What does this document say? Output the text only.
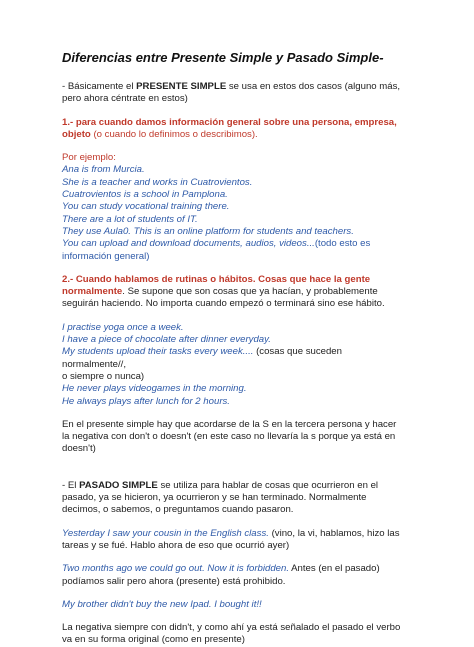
Diferencias entre Presente Simple y Pasado Simple-

- Básicamente el PRESENTE SIMPLE se usa en estos dos casos (alguno más,

pero ahora céntrate en estos)

1.- para cuando damos información general sobre una persona, empresa,

objeto (o cuando lo definimos o describimos).

Por ejemplo:

Ana is from Murcia.

She is a teacher and works in Cuatrovientos.

Cuatrovientos is a school in Pamplona.

You can study vocational training there.

There are a lot of students of IT.

They use Aula0. This is an online platform for students and teachers.

You can upload and download documents, audios, videos...(todo esto es

información general)

2.- Cuando hablamos de rutinas o hábitos. Cosas que hace la gente

normalmente. Se supone que son cosas que ya hacían, y probablemente

seguirán haciendo. No importa cuando empezó o terminará sino ese hábito.

I practise yoga once a week.

I have a piece of chocolate after dinner everyday.

My students upload their tasks every week.... (cosas que suceden

normalmente//,

o siempre o nunca)

He never plays videogames in the morning.

He always plays after lunch for 2 hours.

En el presente simple hay que acordarse de la S en la tercera persona y hacer

la negativa con don't o doesn't (en este caso no llevaría la s porque ya está en

doesn't)

- El PASADO SIMPLE se utiliza para hablar de cosas que ocurrieron en el

pasado, ya se hicieron, ya ocurrieron y se han terminado. Normalmente

decimos, o sabemos, o preguntamos cuando pasaron.

Yesterday I saw your cousin in the English class. (vino, la vi, hablamos, hizo las

tareas y se fué. Hablo ahora de eso que ocurrió ayer)

Two months ago we could go out. Now it is forbidden. Antes (en el pasado)

podíamos salir pero ahora (presente) está prohibido.

My brother didn't buy the new Ipad. I bought it!!

La negativa siempre con didn't, y como ahí ya está señalado el pasado el verbo

va en su forma original (como en presente)
